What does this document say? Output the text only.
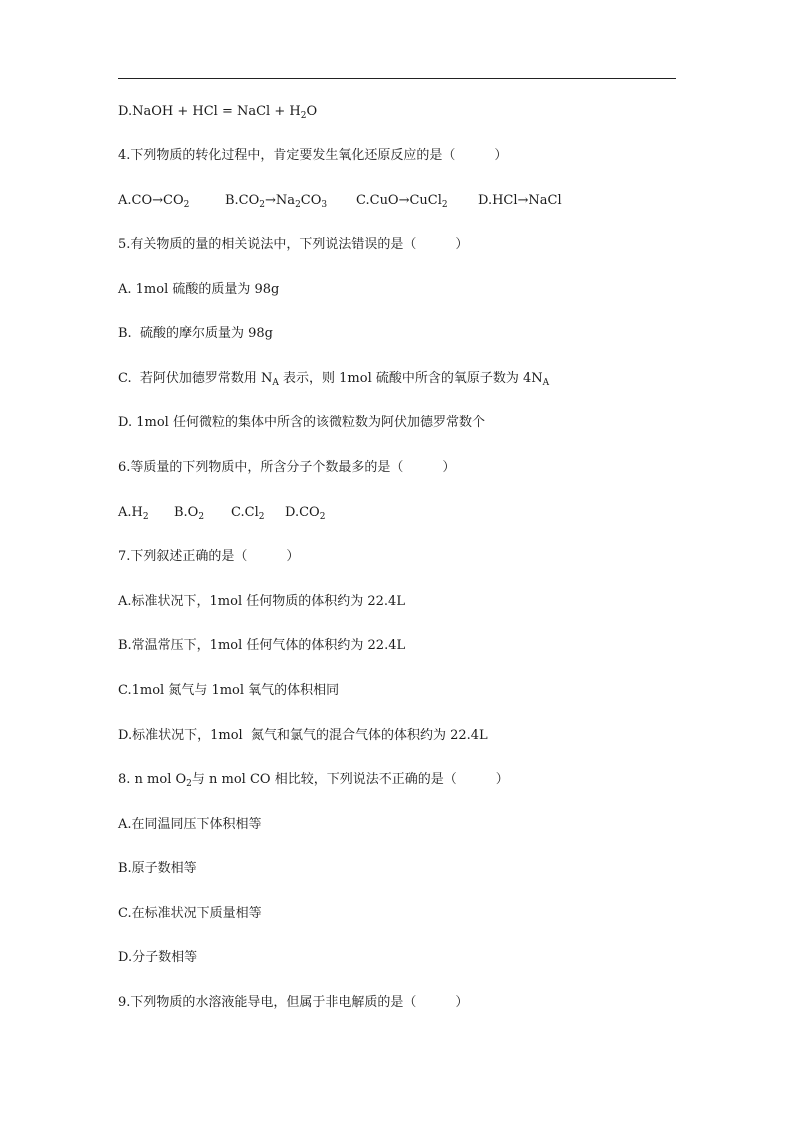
D.NaOH + HCl = NaCl + $H_2O$
4.下列物质的转化过程中，肯定要发生氧化还原反应的是（　　　）
$A.CO\to CO_2$	$B.CO_2\to Na_2CO_3$ C.CuO→CuCl$_2$ D.HCl→NaCl
5.有关物质的量的相关说法中，下列说法错误的是（　　　）
A. 1mol 硫酸的质量为 98g
B.  硫酸的摩尔质量为 98g
C.  若阿伏加德罗常数用 $N_A$ 表示，则 1mol 硫酸中所含的氧原子数为 $4N_A$
D. 1mol 任何微粒的集体中所含的该微粒数为阿伏加德罗常数个
6.等质量的下列物质中，所含分子个数最多的是（　　　）
$A.H_2$ $B.O_2$ $C.Cl_2$ $D.CO_2$
7.下列叙述正确的是（　　　）
A.标准状况下，1mol 任何物质的体积约为 22.4L
B.常温常压下，1mol 任何气体的体积约为 22.4L
C.1mol 氮气与 1mol 氧气的体积相同
D.标准状况下，1mol  氮气和氯气的混合气体的体积约为 22.4L
8. n mol $O_2$与 n mol CO 相比较，下列说法不正确的是（　　　）
A.在同温同压下体积相等
B.原子数相等
C.在标准状况下质量相等
D.分子数相等
9.下列物质的水溶液能导电，但属于非电解质的是（　　　）
